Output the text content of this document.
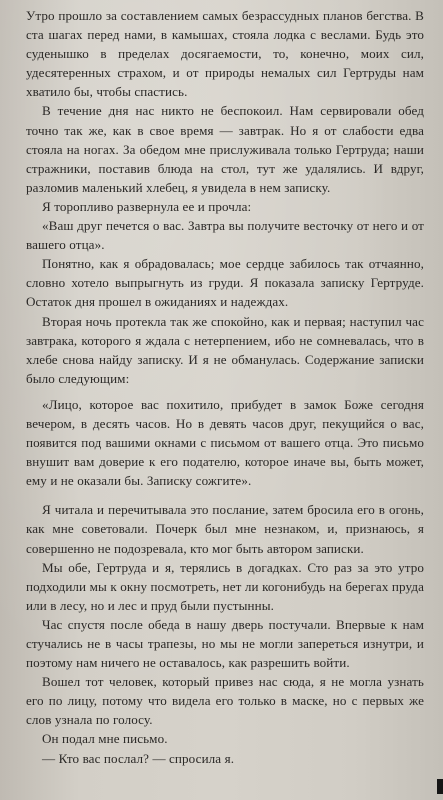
Утро прошло за составлением самых безрассудных планов бегства. В ста шагах перед нами, в камышах, стояла лодка с веслами. Будь это суденышко в пределах досягаемости, то, конечно, моих сил, удесятеренных страхом, и от природы немалых сил Гертруды нам хватило бы, чтобы спастись.

В течение дня нас никто не беспокоил. Нам сервировали обед точно так же, как в свое время — завтрак. Но я от слабости едва стояла на ногах. За обедом мне прислуживала только Гертруда; наши стражники, поставив блюда на стол, тут же удалялись. И вдруг, разломив маленький хлебец, я увидела в нем записку.

Я торопливо развернула ее и прочла:

«Ваш друг печется о вас. Завтра вы получите весточку от него и от вашего отца».

Понятно, как я обрадовалась; мое сердце забилось так отчаянно, словно хотело выпрыгнуть из груди. Я показала записку Гертруде. Остаток дня прошел в ожиданиях и надеждах.

Вторая ночь протекла так же спокойно, как и первая; наступил час завтрака, которого я ждала с нетерпением, ибо не сомневалась, что в хлебе снова найду записку. И я не обманулась. Содержание записки было следующим:

«Лицо, которое вас похитило, прибудет в замок Боже сегодня вечером, в десять часов. Но в девять часов друг, пекущийся о вас, появится под вашими окнами с письмом от вашего отца. Это письмо внушит вам доверие к его подателю, которое иначе вы, быть может, ему и не оказали бы. Записку сожгите».

Я читала и перечитывала это послание, затем бросила его в огонь, как мне советовали. Почерк был мне незнаком, и, признаюсь, я совершенно не подозревала, кто мог быть автором записки.

Мы обе, Гертруда и я, терялись в догадках. Сто раз за это утро подходили мы к окну посмотреть, нет ли когонибудь на берегах пруда или в лесу, но и лес и пруд были пустынны.

Час спустя после обеда в нашу дверь постучали. Впервые к нам стучались не в часы трапезы, но мы не могли запереться изнутри, и поэтому нам ничего не оставалось, как разрешить войти.

Вошел тот человек, который привез нас сюда, я не могла узнать его по лицу, потому что видела его только в маске, но с первых же слов узнала по голосу.

Он подал мне письмо.

— Кто вас послал? — спросила я.
